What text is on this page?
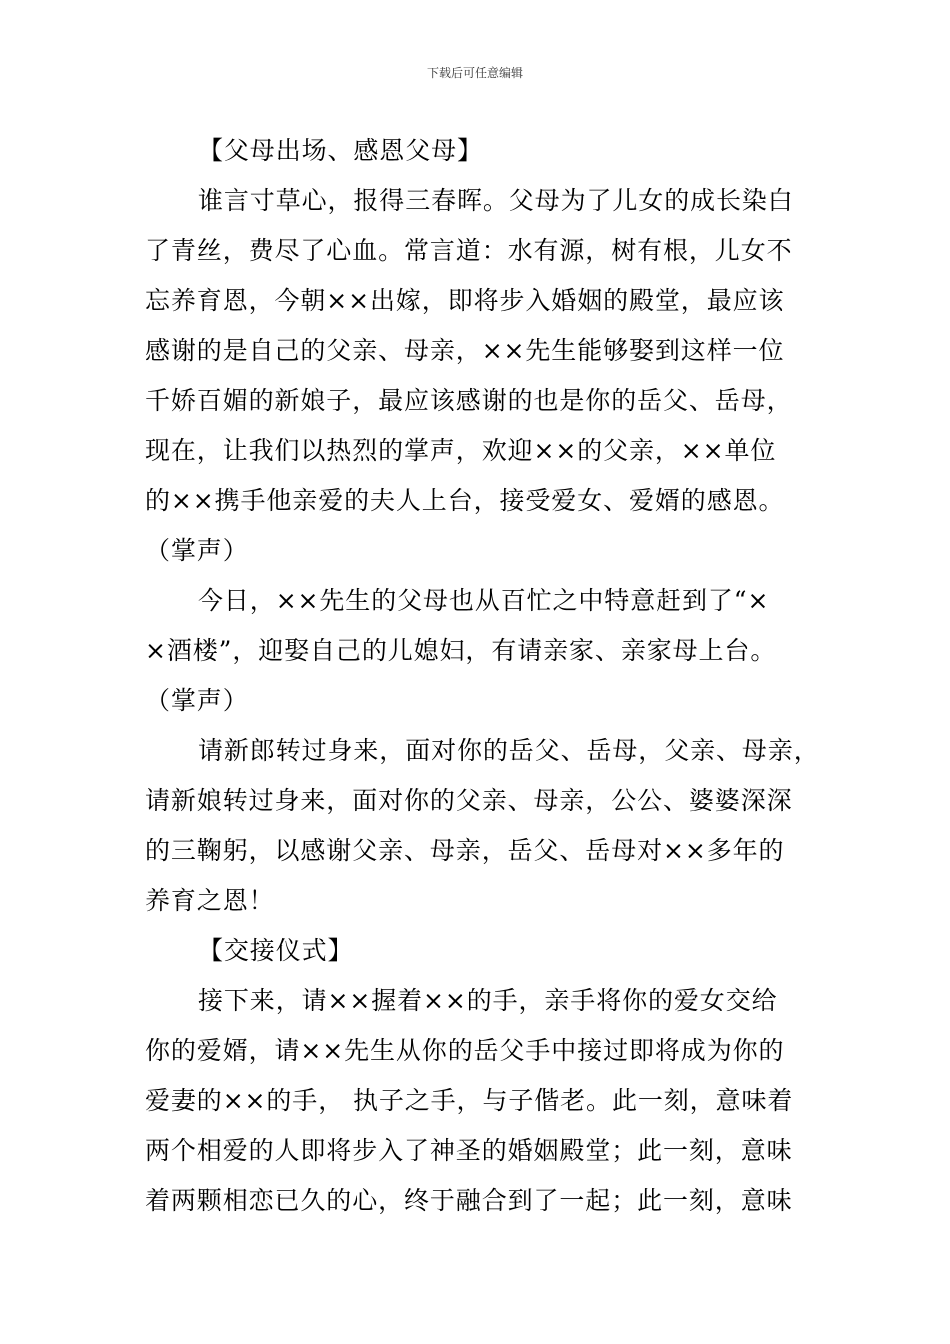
下载后可任意编辑
【父母出场、感恩父母】
谁言寸草心，报得三春晖。父母为了儿女的成长染白
了青丝，费尽了心血。常言道：水有源，树有根，儿女不
忘养育恩，今朝××出嫁，即将步入婚姻的殿堂，最应该
感谢的是自己的父亲、母亲，××先生能够娶到这样一位
千娇百媚的新娘子，最应该感谢的也是你的岳父、岳母，
现在，让我们以热烈的掌声，欢迎××的父亲，××单位
的××携手他亲爱的夫人上台，接受爱女、爱婿的感恩。
（掌声）
今日，××先生的父母也从百忙之中特意赶到了“×
×酒楼”，迎娶自己的儿媳妇，有请亲家、亲家母上台。
（掌声）
请新郎转过身来，面对你的岳父、岳母，父亲、母亲，
请新娘转过身来，面对你的父亲、母亲，公公、婆婆深深
的三鞠躬，以感谢父亲、母亲，岳父、岳母对××多年的
养育之恩！
【交接仪式】
接下来，请××握着××的手，亲手将你的爱女交给
你的爱婿，请××先生从你的岳父手中接过即将成为你的
爱妻的××的手， 执子之手，与子偕老。此一刻，意味着
两个相爱的人即将步入了神圣的婚姻殿堂；此一刻，意味
着两颗相恋已久的心，终于融合到了一起；此一刻，意味
